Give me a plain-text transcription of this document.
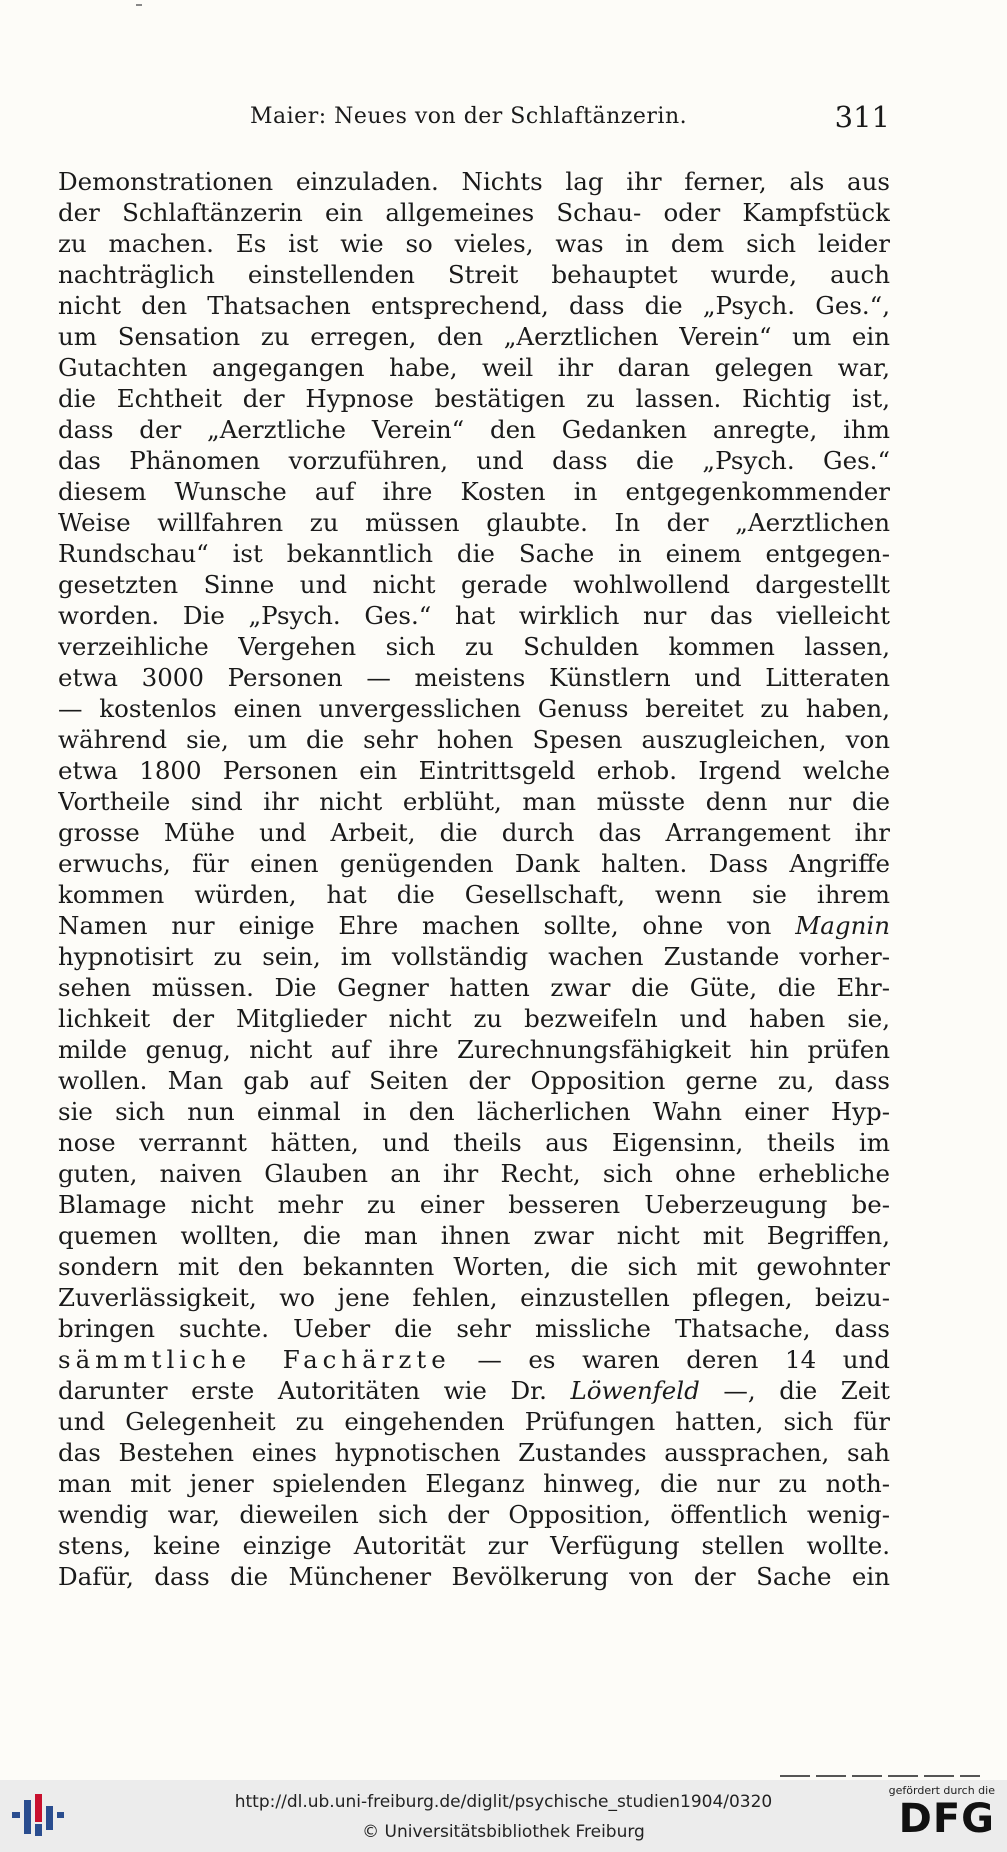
Maier: Neues von der Schlaftänzerin.	311
Demonstrationen einzuladen. Nichts lag ihr ferner, als aus
der Schlaftänzerin ein allgemeines Schau- oder Kampfstück
zu machen. Es ist wie so vieles, was in dem sich leider
nachträglich einstellenden Streit behauptet wurde, auch
nicht den Thatsachen entsprechend, dass die „Psych. Ges.“,
um Sensation zu erregen, den „Aerztlichen Verein“ um ein
Gutachten angegangen habe, weil ihr daran gelegen war,
die Echtheit der Hypnose bestätigen zu lassen. Richtig ist,
dass der „Aerztliche Verein“ den Gedanken anregte, ihm
das Phänomen vorzuführen, und dass die „Psych. Ges.“
diesem Wunsche auf ihre Kosten in entgegenkommender
Weise willfahren zu müssen glaubte. In der „Aerztlichen
Rundschau“ ist bekanntlich die Sache in einem entgegen-
gesetzten Sinne und nicht gerade wohlwollend dargestellt
worden. Die „Psych. Ges.“ hat wirklich nur das vielleicht
verzeihliche Vergehen sich zu Schulden kommen lassen,
etwa 3000 Personen — meistens Künstlern und Litteraten
— kostenlos einen unvergesslichen Genuss bereitet zu haben,
während sie, um die sehr hohen Spesen auszugleichen, von
etwa 1800 Personen ein Eintrittsgeld erhob. Irgend welche
Vortheile sind ihr nicht erblüht, man müsste denn nur die
grosse Mühe und Arbeit, die durch das Arrangement ihr
erwuchs, für einen genügenden Dank halten. Dass Angriffe
kommen würden, hat die Gesellschaft, wenn sie ihrem
Namen nur einige Ehre machen sollte, ohne von Magnin
hypnotisirt zu sein, im vollständig wachen Zustande vorher-
sehen müssen. Die Gegner hatten zwar die Güte, die Ehr-
lichkeit der Mitglieder nicht zu bezweifeln und haben sie,
milde genug, nicht auf ihre Zurechnungsfähigkeit hin prüfen
wollen. Man gab auf Seiten der Opposition gerne zu, dass
sie sich nun einmal in den lächerlichen Wahn einer Hyp-
nose verrannt hätten, und theils aus Eigensinn, theils im
guten, naiven Glauben an ihr Recht, sich ohne erhebliche
Blamage nicht mehr zu einer besseren Ueberzeugung be-
quemen wollten, die man ihnen zwar nicht mit Begriffen,
sondern mit den bekannten Worten, die sich mit gewohnter
Zuverlässigkeit, wo jene fehlen, einzustellen pflegen, beizu-
bringen suchte. Ueber die sehr missliche Thatsache, dass
sämmtliche Fachärzte — es waren deren 14 und
darunter erste Autoritäten wie Dr. Löwenfeld —, die Zeit
und Gelegenheit zu eingehenden Prüfungen hatten, sich für
das Bestehen eines hypnotischen Zustandes aussprachen, sah
man mit jener spielenden Eleganz hinweg, die nur zu noth-
wendig war, dieweilen sich der Opposition, öffentlich wenig-
stens, keine einzige Autorität zur Verfügung stellen wollte.
Dafür, dass die Münchener Bevölkerung von der Sache ein
http://dl.ub.uni-freiburg.de/diglit/psychische_studien1904/0320
© Universitätsbibliothek Freiburg
gefördert durch die
DFG
